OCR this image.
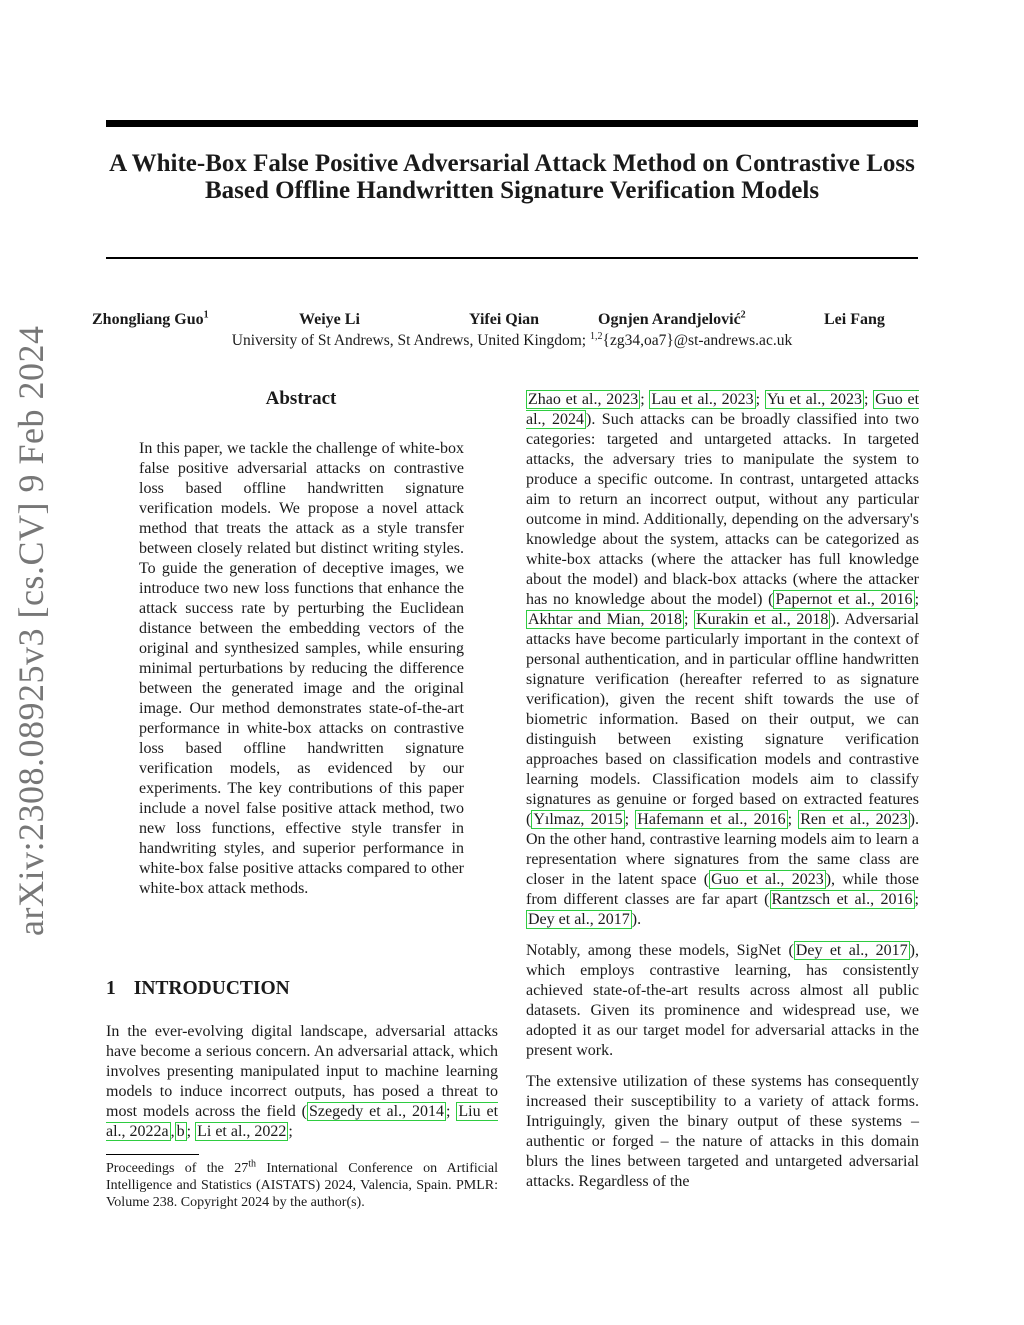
A White-Box False Positive Adversarial Attack Method on Contrastive Loss Based Offline Handwritten Signature Verification Models
Zhongliang Guo$^1$	Weiye Li	Yifei Qian	Ognjen Arandjelović$^2$	Lei Fang
University of St Andrews, St Andrews, United Kingdom; $^{1,2}${zg34,oa7}@st-andrews.ac.uk
arXiv:2308.08925v3 [cs.CV] 9 Feb 2024	Abstract
In this paper, we tackle the challenge of white-box false positive adversarial attacks on contrastive loss based offline handwritten signature verification models. We propose a novel attack method that treats the attack as a style transfer between closely related but distinct writing styles. To guide the generation of deceptive images, we introduce two new loss functions that enhance the attack success rate by perturbing the Euclidean distance between the embedding vectors of the original and synthesized samples, while ensuring minimal perturbations by reducing the difference between the generated image and the original image. Our method demonstrates state-of-the-art performance in white-box attacks on contrastive loss based offline handwritten signature verification models, as evidenced by our experiments. The key contributions of this paper include a novel false positive attack method, two new loss functions, effective style transfer in handwriting styles, and superior performance in white-box false positive attacks compared to other white-box attack methods.
1 INTRODUCTION
In the ever-evolving digital landscape, adversarial attacks have become a serious concern. An adversarial attack, which involves presenting manipulated input to machine learning models to induce incorrect outputs, has posed a threat to most models across the field ( Szegedy et al., 2014 ; Liu et al., 2022a , b ; Li et al., 2022 ;
Proceedings of the 27th International Conference on Artificial Intelligence and Statistics (AISTATS) 2024, Valencia, Spain. PMLR: Volume 238. Copyright 2024 by the author(s).

Zhao et al., 2023 ; Lau et al., 2023 ; Yu et al., 2023 ; Guo et al., 2024 ). Such attacks can be broadly classified into two categories: targeted and untargeted attacks. In targeted attacks, the adversary tries to manipulate the system to produce a specific outcome. In contrast, untargeted attacks aim to return an incorrect output, without any particular outcome in mind. Additionally, depending on the adversary's knowledge about the system, attacks can be categorized as white-box attacks (where the attacker has full knowledge about the model) and black-box attacks (where the attacker has no knowledge about the model) ( Papernot et al., 2016 ; Akhtar and Mian, 2018 ; Kurakin et al., 2018 ). Adversarial attacks have become particularly important in the context of personal authentication, and in particular offline handwritten signature verification (hereafter referred to as signature verification), given the recent shift towards the use of biometric information. Based on their output, we can distinguish between existing signature verification approaches based on classification models and contrastive learning models. Classification models aim to classify signatures as genuine or forged based on extracted features ( Yılmaz, 2015 ; Hafemann et al., 2016 ; Ren et al., 2023 ). On the other hand, contrastive learning models aim to learn a representation where signatures from the same class are closer in the latent space ( Guo et al., 2023 ), while those from different classes are far apart ( Rantzsch et al., 2016 ; Dey et al., 2017 ).

Notably, among these models, SigNet ( Dey et al., 2017 ), which employs contrastive learning, has consistently achieved state-of-the-art results across almost all public datasets. Given its prominence and widespread use, we adopted it as our target model for adversarial attacks in the present work.

The extensive utilization of these systems has consequently increased their susceptibility to a variety of attack forms. Intriguingly, given the binary output of these systems – authentic or forged – the nature of attacks in this domain blurs the lines between targeted and untargeted adversarial attacks. Regardless of the
